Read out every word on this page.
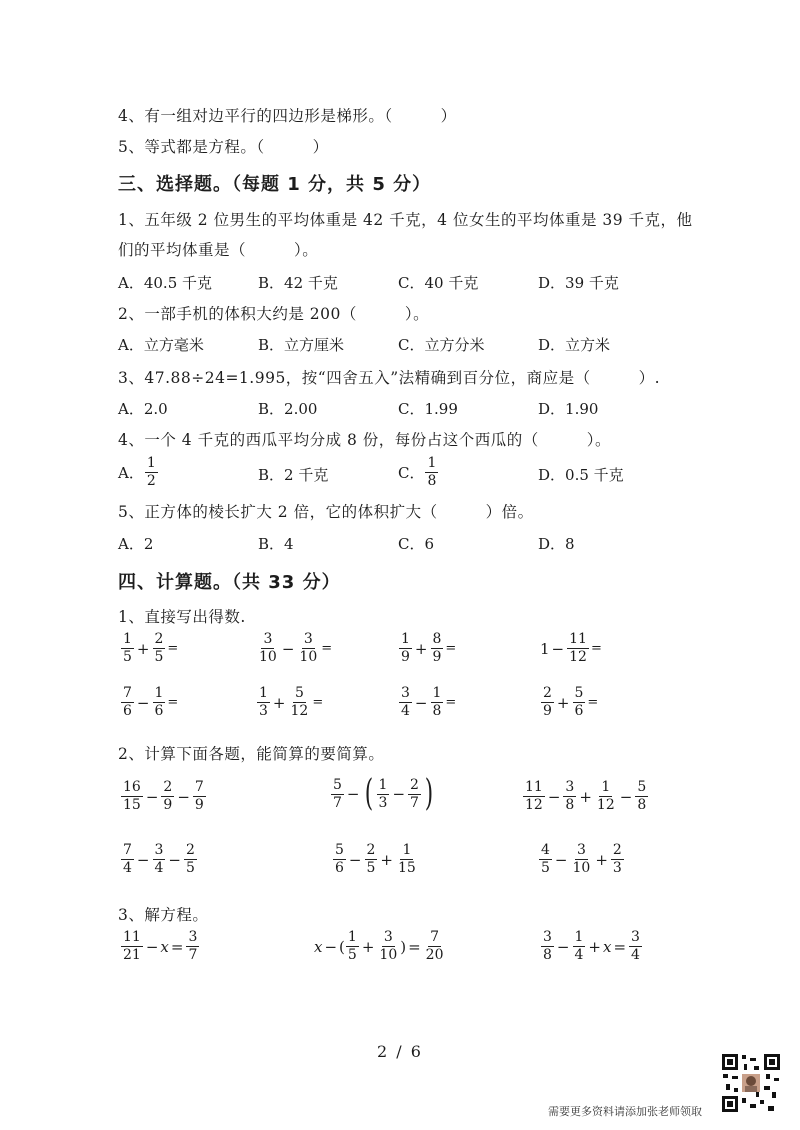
4、有一组对边平行的四边形是梯形。（　　　）
5、等式都是方程。（　　　）
三、选择题。（每题 1 分，共 5 分）
1、五年级 2 位男生的平均体重是 42 千克，4 位女生的平均体重是 39 千克，他
们的平均体重是（　　　）。
A．40.5 千克	B．42 千克	C．40 千克	D．39 千克
2、一部手机的体积大约是 200（　　　）。
A．立方毫米	B．立方厘米	C．立方分米	D．立方米
3、47.88÷24=1.995，按“四舍五入”法精确到百分位，商应是（　　　）.
A．2.0	B．2.00	C．1.99	D．1.90
4、一个 4 千克的西瓜平均分成 8 份，每份占这个西瓜的（　　　）。
A． $\frac{1}{2}$	B．2 千克	C． $\frac{1}{8}$	D．0.5 千克
5、正方体的棱长扩大 2 倍，它的体积扩大（　　　）倍。
A．2	B．4	C．6	D．8
四、计算题。（共 33 分）
1、直接写出得数.
$\frac{1}{5} + \frac{2}{5}$ =	$\frac{3}{10} - \frac{3}{10}$ =	$\frac{1}{9} + \frac{8}{9}$ =	$1 - \frac{11}{12}$ =
$\frac{7}{6} - \frac{1}{6}$ =	$\frac{1}{3} + \frac{5}{12}$ =	$\frac{3}{4} - \frac{1}{8}$ =	$\frac{2}{9} + \frac{5}{6}$ =
2、计算下面各题，能简算的要简算。
$\frac{16}{15} - \frac{2}{9} - \frac{7}{9}$	$\frac{5}{7}$ − ( $\frac{1}{3} - \frac{2}{7}$ )	$\frac{11}{12} - \frac{3}{8} + \frac{1}{12} - \frac{5}{8}$
$\frac{7}{4} - \frac{3}{4} - \frac{2}{5}$	$\frac{5}{6} - \frac{2}{5} + \frac{1}{15}$	$\frac{4}{5} - \frac{3}{10} + \frac{2}{3}$
3、解方程。
$\frac{11}{21} - x = \frac{3}{7}$	x − ( $\frac{1}{5} + \frac{3}{10}$ ) = $\frac{7}{20}$	$\frac{3}{8} - \frac{1}{4} + x = \frac{3}{4}$
2 / 6
需要更多资料请添加张老师领取
